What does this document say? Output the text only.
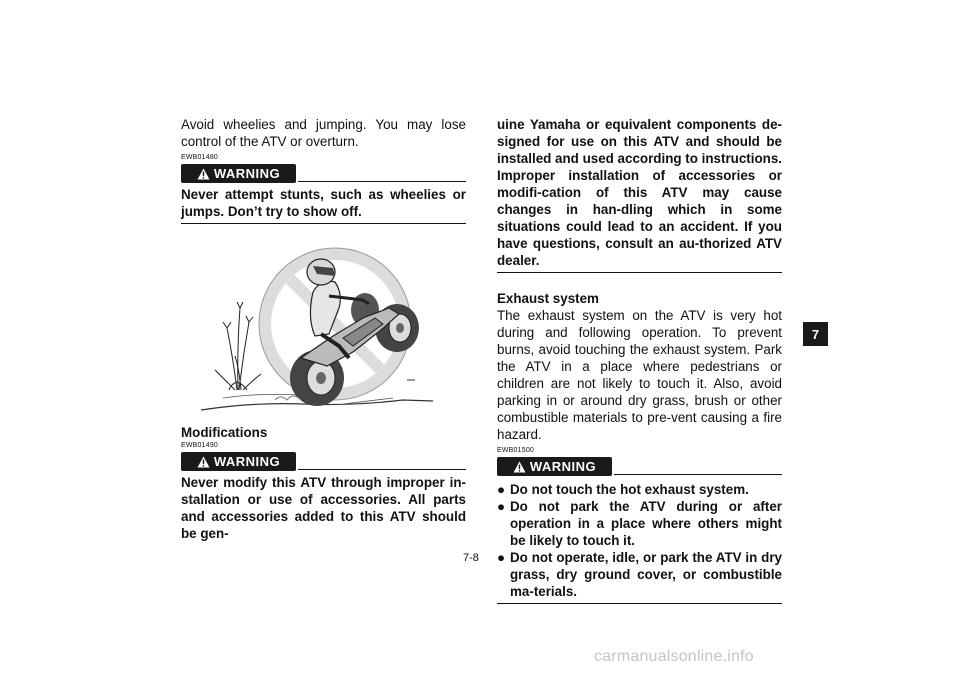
Avoid wheelies and jumping. You may lose control of the ATV or overturn.

EWB01480
WARNING

Never attempt stunts, such as wheelies or jumps. Don’t try to show off.

Modifications
EWB01490
WARNING

Never modify this ATV through improper in-stallation or use of accessories. All parts and accessories added to this ATV should be gen-

uine Yamaha or equivalent components de-signed for use on this ATV and should be installed and used according to instructions. Improper installation of accessories or modifi-cation of this ATV may cause changes in han-dling which in some situations could lead to an accident. If you have questions, consult an au-thorized ATV dealer.

Exhaust system

The exhaust system on the ATV is very hot during and following operation. To prevent burns, avoid touching the exhaust system. Park the ATV in a place where pedestrians or children are not likely to touch it. Also, avoid parking in or around dry grass, brush or other combustible materials to pre-vent causing a fire hazard.

EWB01500
WARNING
● Do not touch the hot exhaust system.
● Do not park the ATV during or after operation in a place where others might be likely to touch it.
● Do not operate, idle, or park the ATV in dry grass, dry ground cover, or combustible ma-terials.
7-8
7
carmanualsonline.info
